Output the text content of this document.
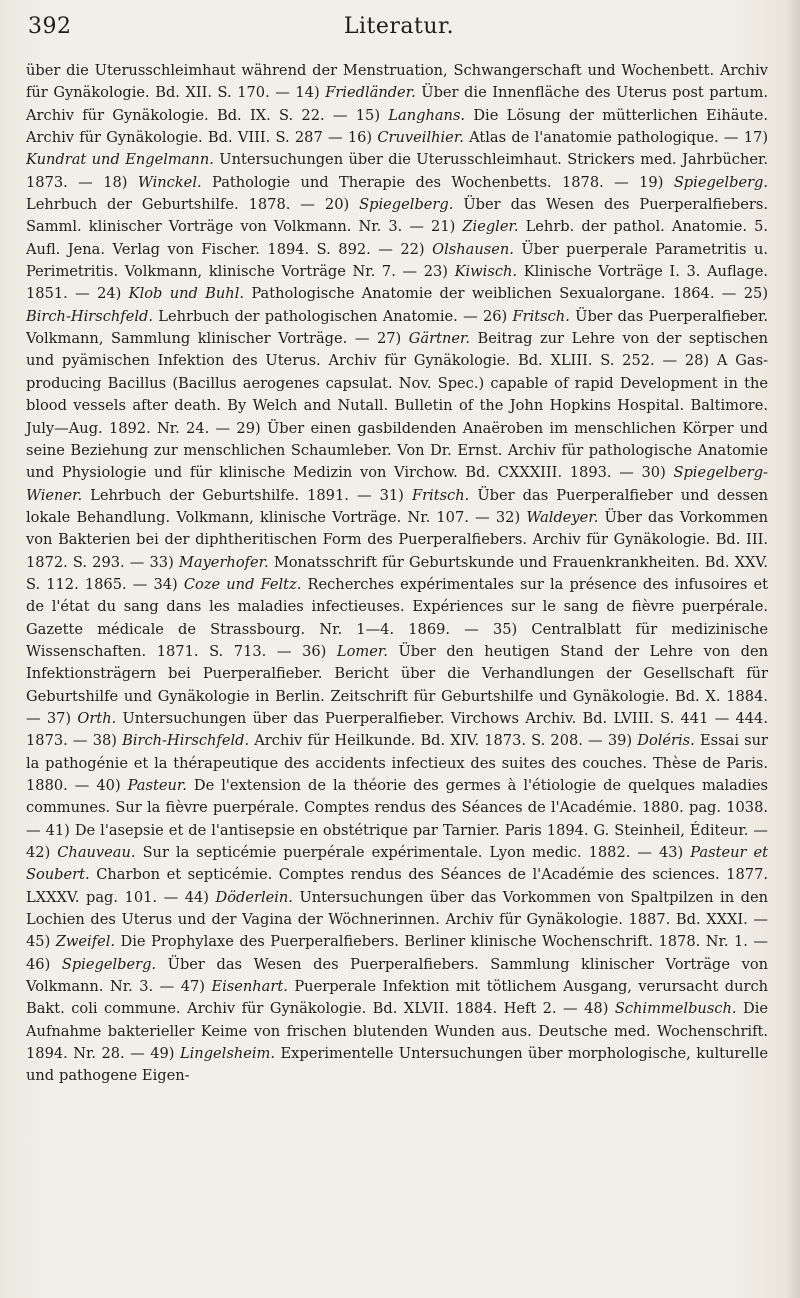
392	Literatur.

über die Uterusschleimhaut während der Menstruation, Schwangerschaft und Wochenbett. Archiv für Gynäkologie. Bd. XII. S. 170. — 14) Friedländer. Über die Innenfläche des Uterus post partum. Archiv für Gynäkologie. Bd. IX. S. 22. — 15) Langhans. Die Lösung der mütterlichen Eihäute. Archiv für Gynäkologie. Bd. VIII. S. 287 — 16) Cruveilhier. Atlas de l'anatomie pathologique. — 17) Kundrat und Engelmann. Untersuchungen über die Uterusschleimhaut. Strickers med. Jahrbücher. 1873. — 18) Winckel. Pathologie und Therapie des Wochenbetts. 1878. — 19) Spiegelberg. Lehrbuch der Geburtshilfe. 1878. — 20) Spiegelberg. Über das Wesen des Puerperalfiebers. Samml. klinischer Vorträge von Volkmann. Nr. 3. — 21) Ziegler. Lehrb. der pathol. Anatomie. 5. Aufl. Jena. Verlag von Fischer. 1894. S. 892. — 22) Olshausen. Über puerperale Parametritis u. Perimetritis. Volkmann, klinische Vorträge Nr. 7. — 23) Kiwisch. Klinische Vorträge I. 3. Auflage. 1851. — 24) Klob und Buhl. Pathologische Anatomie der weiblichen Sexualorgane. 1864. — 25) Birch-Hirschfeld. Lehrbuch der pathologischen Anatomie. — 26) Fritsch. Über das Puerperalfieber. Volkmann, Sammlung klinischer Vorträge. — 27) Gärtner. Beitrag zur Lehre von der septischen und pyämischen Infektion des Uterus. Archiv für Gynäkologie. Bd. XLIII. S. 252. — 28) A Gas-producing Bacillus (Bacillus aerogenes capsulat. Nov. Spec.) capable of rapid Development in the blood vessels after death. By Welch and Nutall. Bulletin of the John Hopkins Hospital. Baltimore. July—Aug. 1892. Nr. 24. — 29) Über einen gasbildenden Anaëroben im menschlichen Körper und seine Beziehung zur menschlichen Schaumleber. Von Dr. Ernst. Archiv für pathologische Anatomie und Physiologie und für klinische Medizin von Virchow. Bd. CXXXIII. 1893. — 30) Spiegelberg-Wiener. Lehrbuch der Geburtshilfe. 1891. — 31) Fritsch. Über das Puerperalfieber und dessen lokale Behandlung. Volkmann, klinische Vorträge. Nr. 107. — 32) Waldeyer. Über das Vorkommen von Bakterien bei der diphtheritischen Form des Puerperalfiebers. Archiv für Gynäkologie. Bd. III. 1872. S. 293. — 33) Mayerhofer. Monatsschrift für Geburtskunde und Frauenkrankheiten. Bd. XXV. S. 112. 1865. — 34) Coze und Feltz. Recherches expérimentales sur la présence des infusoires et de l'état du sang dans les maladies infectieuses. Expériences sur le sang de fièvre puerpérale. Gazette médicale de Strassbourg. Nr. 1—4. 1869. — 35) Centralblatt für medizinische Wissenschaften. 1871. S. 713. — 36) Lomer. Über den heutigen Stand der Lehre von den Infektionsträgern bei Puerperalfieber. Bericht über die Verhandlungen der Gesellschaft für Geburtshilfe und Gynäkologie in Berlin. Zeitschrift für Geburtshilfe und Gynäkologie. Bd. X. 1884. — 37) Orth. Untersuchungen über das Puerperalfieber. Virchows Archiv. Bd. LVIII. S. 441 — 444. 1873. — 38) Birch-Hirschfeld. Archiv für Heilkunde. Bd. XIV. 1873. S. 208. — 39) Doléris. Essai sur la pathogénie et la thérapeutique des accidents infectieux des suites des couches. Thèse de Paris. 1880. — 40) Pasteur. De l'extension de la théorie des germes à l'étiologie de quelques maladies communes. Sur la fièvre puerpérale. Comptes rendus des Séances de l'Académie. 1880. pag. 1038. — 41) De l'asepsie et de l'antisepsie en obstétrique par Tarnier. Paris 1894. G. Steinheil, Éditeur. — 42) Chauveau. Sur la septicémie puerpérale expérimentale. Lyon medic. 1882. — 43) Pasteur et Soubert. Charbon et septicémie. Comptes rendus des Séances de l'Académie des sciences. 1877. LXXXV. pag. 101. — 44) Döderlein. Untersuchungen über das Vorkommen von Spaltpilzen in den Lochien des Uterus und der Vagina der Wöchnerinnen. Archiv für Gynäkologie. 1887. Bd. XXXI. — 45) Zweifel. Die Prophylaxe des Puerperalfiebers. Berliner klinische Wochenschrift. 1878. Nr. 1. — 46) Spiegelberg. Über das Wesen des Puerperalfiebers. Sammlung klinischer Vorträge von Volkmann. Nr. 3. — 47) Eisenhart. Puerperale Infektion mit tötlichem Ausgang, verursacht durch Bakt. coli commune. Archiv für Gynäkologie. Bd. XLVII. 1884. Heft 2. — 48) Schimmelbusch. Die Aufnahme bakterieller Keime von frischen blutenden Wunden aus. Deutsche med. Wochenschrift. 1894. Nr. 28. — 49) Lingelsheim. Experimentelle Untersuchungen über morphologische, kulturelle und pathogene Eigen-
